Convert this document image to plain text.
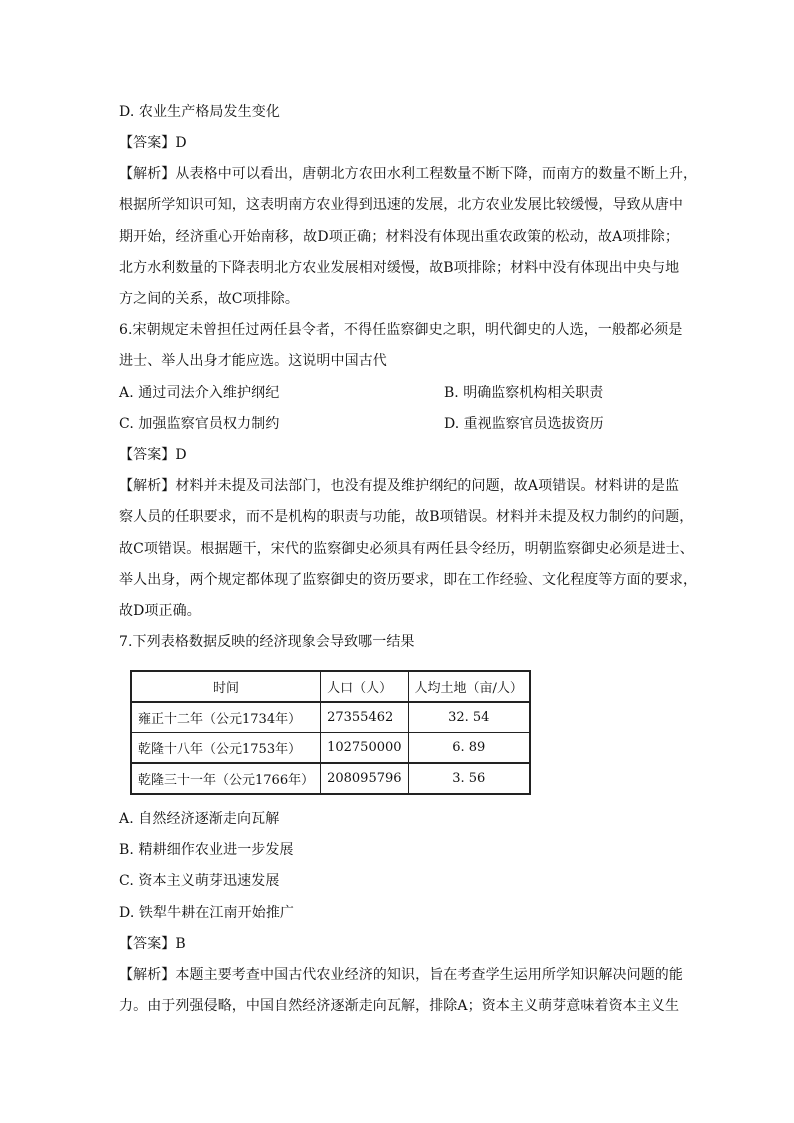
D. 农业生产格局发生变化
【答案】D
【解析】从表格中可以看出，唐朝北方农田水利工程数量不断下降，而南方的数量不断上升，
根据所学知识可知，这表明南方农业得到迅速的发展，北方农业发展比较缓慢，导致从唐中
期开始，经济重心开始南移，故D项正确；材料没有体现出重农政策的松动，故A项排除；
北方水利数量的下降表明北方农业发展相对缓慢，故B项排除；材料中没有体现出中央与地
方之间的关系，故C项排除。
6.宋朝规定未曾担任过两任县令者，不得任监察御史之职，明代御史的人选，一般都必须是
进士、举人出身才能应选。这说明中国古代
A. 通过司法介入维护纲纪	B. 明确监察机构相关职责
C. 加强监察官员权力制约	D. 重视监察官员选拔资历
【答案】D
【解析】材料并未提及司法部门，也没有提及维护纲纪的问题，故A项错误。材料讲的是监
察人员的任职要求，而不是机构的职责与功能，故B项错误。材料并未提及权力制约的问题，
故C项错误。根据题干，宋代的监察御史必须具有两任县令经历，明朝监察御史必须是进士、
举人出身，两个规定都体现了监察御史的资历要求，即在工作经验、文化程度等方面的要求，
故D项正确。
7.下列表格数据反映的经济现象会导致哪一结果
时间	人口（人）	人均土地（亩/人）
雍正十二年（公元1734年）	27355462	32. 54
乾隆十八年（公元1753年）	102750000	6. 89
乾隆三十一年（公元1766年）	208095796	3. 56
A. 自然经济逐渐走向瓦解
B. 精耕细作农业进一步发展
C. 资本主义萌芽迅速发展
D. 铁犁牛耕在江南开始推广
【答案】B
【解析】本题主要考查中国古代农业经济的知识，旨在考查学生运用所学知识解决问题的能
力。由于列强侵略，中国自然经济逐渐走向瓦解，排除A；资本主义萌芽意味着资本主义生
